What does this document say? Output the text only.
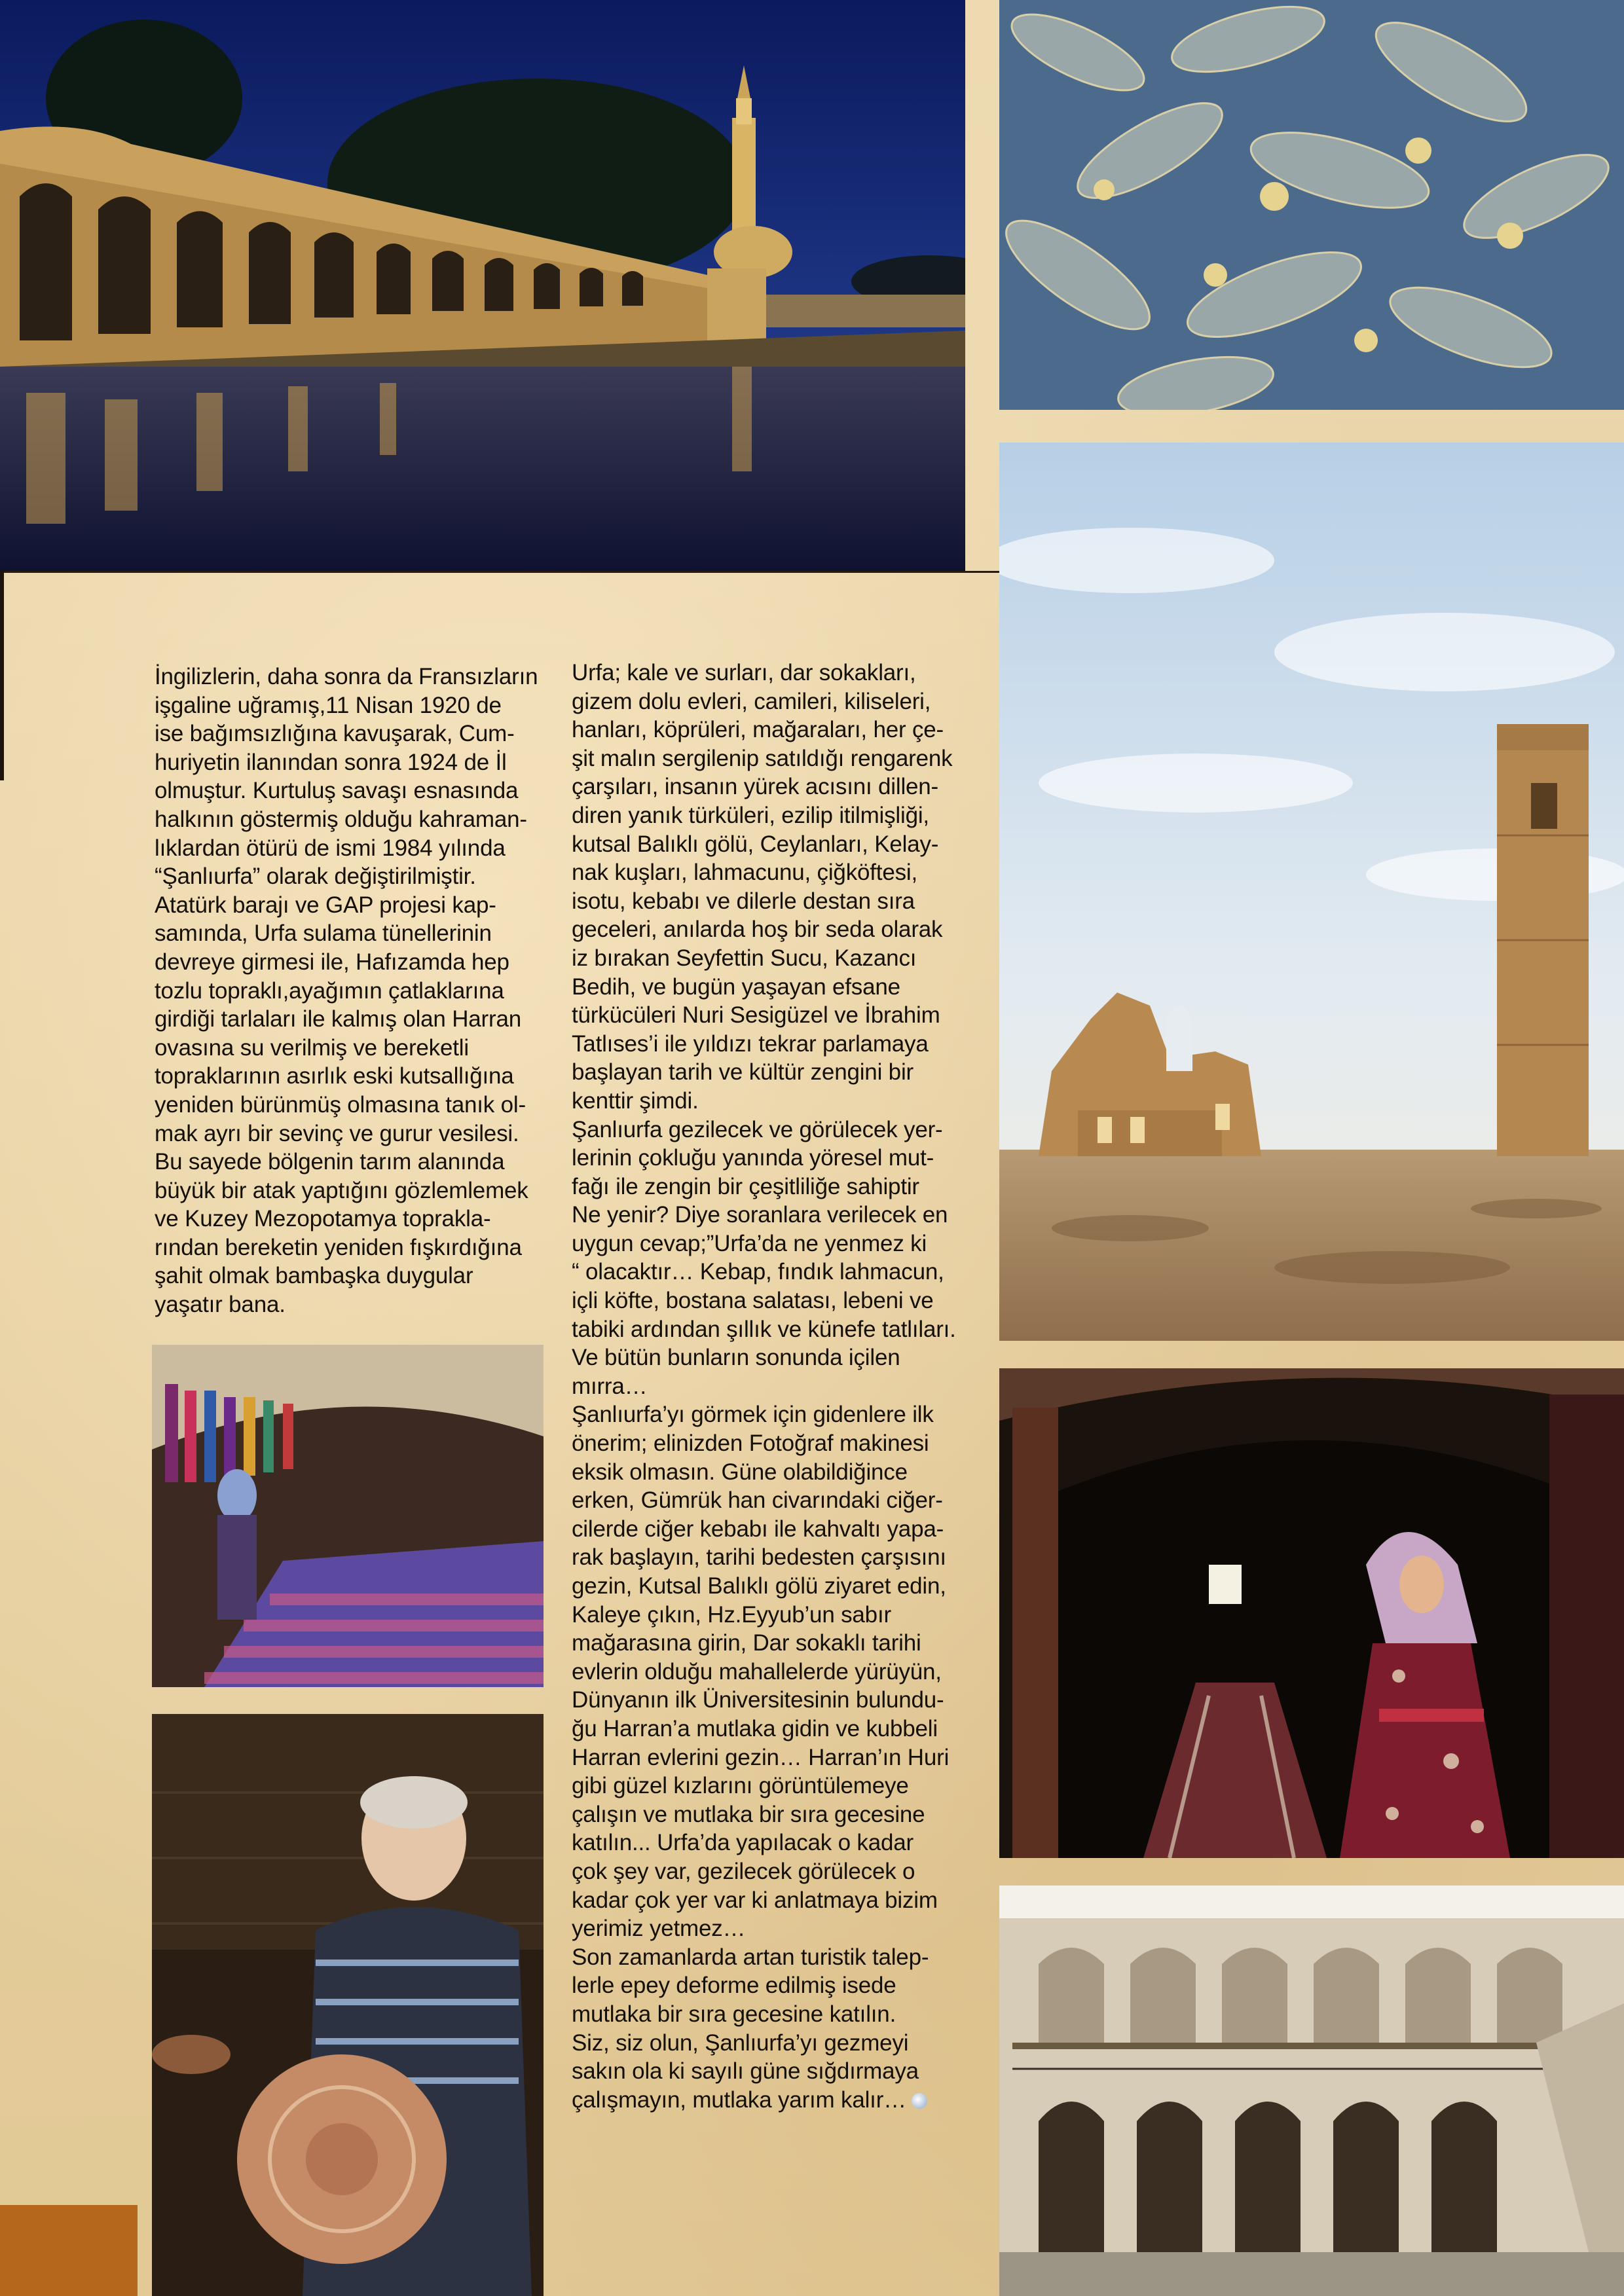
İngilizlerin, daha sonra da Fransızların
işgaline uğramış,11 Nisan 1920 de
ise bağımsızlığına kavuşarak, Cum-
huriyetin ilanından sonra 1924 de İl
olmuştur. Kurtuluş savaşı esnasında
halkının göstermiş olduğu kahraman-
lıklardan ötürü de ismi 1984 yılında
“Şanlıurfa” olarak değiştirilmiştir.
Atatürk barajı ve GAP projesi kap-
samında, Urfa sulama tünellerinin
devreye girmesi ile, Hafızamda hep
tozlu topraklı,ayağımın çatlaklarına
girdiği tarlaları ile kalmış olan Harran
ovasına su verilmiş ve bereketli
topraklarının asırlık eski kutsallığına
yeniden bürünmüş olmasına tanık ol-
mak ayrı bir sevinç ve gurur vesilesi.
Bu sayede bölgenin tarım alanında
büyük bir atak yaptığını gözlemlemek
ve Kuzey Mezopotamya toprakla-
rından bereketin yeniden fışkırdığına
şahit olmak bambaşka duygular
yaşatır bana.
Urfa; kale ve surları, dar sokakları,
gizem dolu evleri, camileri, kiliseleri,
hanları, köprüleri, mağaraları, her çe-
şit malın sergilenip satıldığı rengarenk
çarşıları, insanın yürek acısını dillen-
diren yanık türküleri, ezilip itilmişliği,
kutsal Balıklı gölü, Ceylanları, Kelay-
nak kuşları, lahmacunu, çiğköftesi,
isotu, kebabı ve dilerle destan sıra
geceleri, anılarda hoş bir seda olarak
iz bırakan Seyfettin Sucu, Kazancı
Bedih, ve bugün yaşayan efsane
türkücüleri Nuri Sesigüzel ve İbrahim
Tatlıses’i ile yıldızı tekrar parlamaya
başlayan tarih ve kültür zengini bir
kenttir şimdi.
Şanlıurfa gezilecek ve görülecek yer-
lerinin çokluğu yanında yöresel mut-
fağı ile zengin bir çeşitliliğe sahiptir
Ne yenir? Diye soranlara verilecek en
uygun cevap;”Urfa’da ne yenmez ki
“ olacaktır… Kebap, fındık lahmacun,
içli köfte, bostana salatası, lebeni ve
tabiki ardından şıllık ve künefe tatlıları.
Ve bütün bunların sonunda içilen
mırra…
Şanlıurfa’yı görmek için gidenlere ilk
önerim; elinizden Fotoğraf makinesi
eksik olmasın. Güne olabildiğince
erken, Gümrük han civarındaki ciğer-
cilerde ciğer kebabı ile kahvaltı yapa-
rak başlayın, tarihi bedesten çarşısını
gezin, Kutsal Balıklı gölü ziyaret edin,
Kaleye çıkın, Hz.Eyyub’un sabır
mağarasına girin, Dar sokaklı tarihi
evlerin olduğu mahallelerde yürüyün,
Dünyanın ilk Üniversitesinin bulundu-
ğu Harran’a mutlaka gidin ve kubbeli
Harran evlerini gezin… Harran’ın Huri
gibi güzel kızlarını görüntülemeye
çalışın ve mutlaka bir sıra gecesine
katılın... Urfa’da yapılacak o kadar
çok şey var, gezilecek görülecek o
kadar çok yer var ki anlatmaya bizim
yerimiz yetmez…
Son zamanlarda artan turistik talep-
lerle epey deforme edilmiş isede
mutlaka bir sıra gecesine katılın.
Siz, siz olun, Şanlıurfa’yı gezmeyi
sakın ola ki sayılı güne sığdırmaya
çalışmayın, mutlaka yarım kalır…
